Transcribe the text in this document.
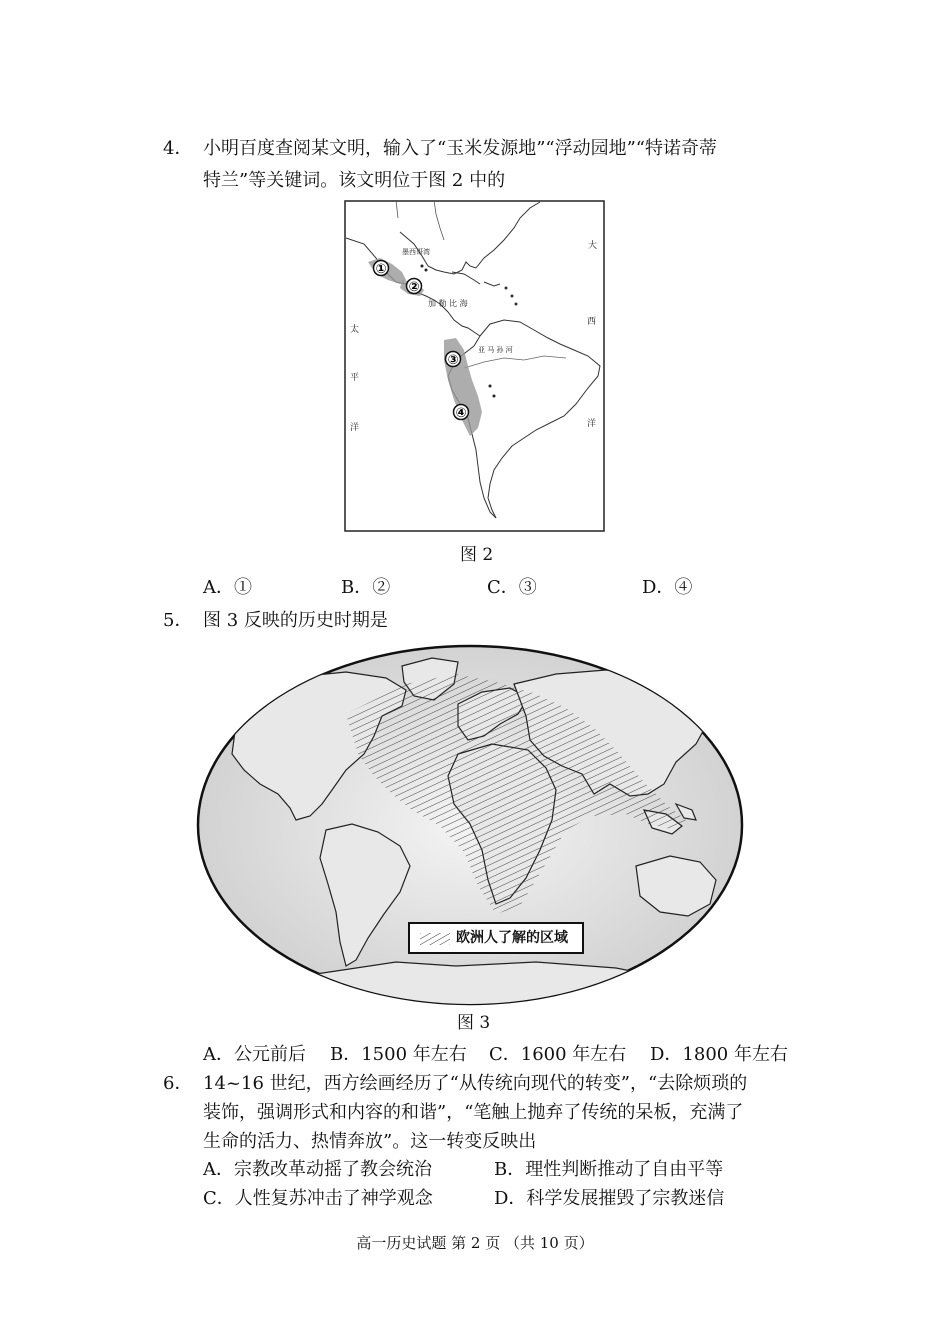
4． 小明百度查阅某文明，输入了“玉米发源地”“浮动园地”“特诺奇蒂
特兰”等关键词。该文明位于图 2 中的
①
②
③
④
墨西哥湾
加 勒 比 海
亚 马 孙 河
大
西
洋
太
平
洋
图 2
A．①	B．②	C．③	D．④
5． 图 3 反映的历史时期是
欧洲人了解的区域
图 3
A．公元前后 B．1500 年左右 C．1600 年左右 D．1800 年左右
6． 14~16 世纪，西方绘画经历了“从传统向现代的转变”，“去除烦琐的
装饰，强调形式和内容的和谐”，“笔触上抛弃了传统的呆板，充满了
生命的活力、热情奔放”。这一转变反映出
A．宗教改革动摇了教会统治	B．理性判断推动了自由平等
C．人性复苏冲击了神学观念	D．科学发展摧毁了宗教迷信
高一历史试题 第 2 页 （共 10 页）
